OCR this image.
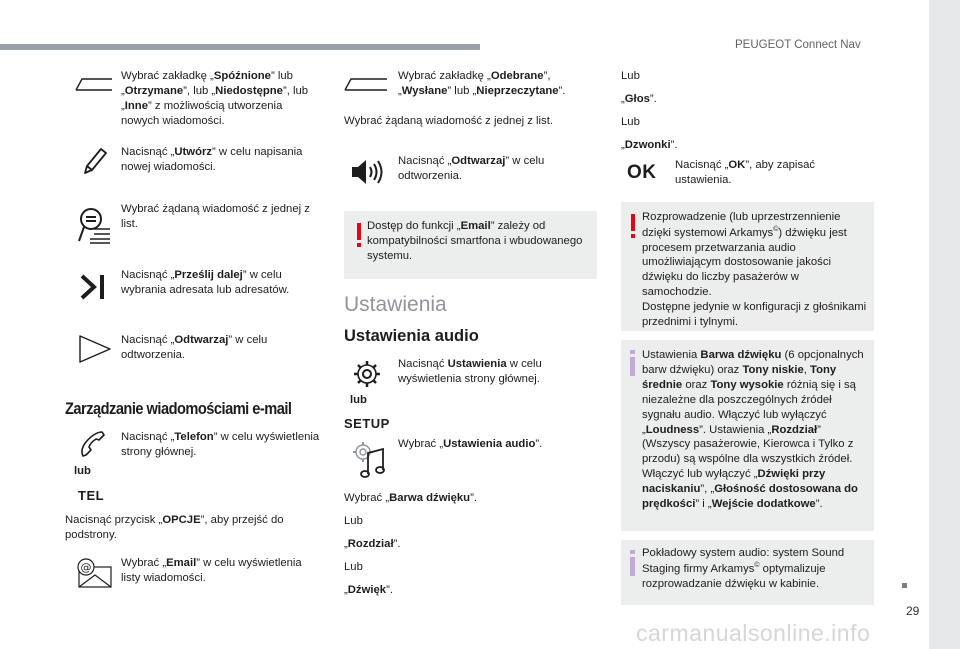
PEUGEOT Connect Nav
29
carmanualsonline.info
Wybrać zakładkę „Spóźnione” lub „Otrzymane”, lub „Niedostępne”, lub „Inne” z możliwością utworzenia nowych wiadomości.
Nacisnąć „Utwórz” w celu napisania nowej wiadomości.
Wybrać żądaną wiadomość z jednej z list.
Nacisnąć „Prześlij dalej” w celu wybrania adresata lub adresatów.
Nacisnąć „Odtwarzaj” w celu odtworzenia.
Zarządzanie wiadomościami e-mail
lub
TEL
Nacisnąć „Telefon” w celu wyświetlenia strony głównej.
Nacisnąć przycisk „OPCJE”, aby przejść do podstrony.
@	Wybrać „Email” w celu wyświetlenia listy wiadomości.
Wybrać zakładkę „Odebrane”, „Wysłane” lub „Nieprzeczytane”.
Wybrać żądaną wiadomość z jednej z list.
Nacisnąć „Odtwarzaj” w celu odtworzenia.
Dostęp do funkcji „Email” zależy od kompatybilności smartfona i wbudowanego systemu.
Ustawienia
Ustawienia audio
lub
SETUP
Nacisnąć Ustawienia w celu wyświetlenia strony głównej.
Wybrać „Ustawienia audio”.
Wybrać „Barwa dźwięku”.
Lub
„Rozdział”.
Lub
„Dźwięk”.
Lub
„Głos”.
Lub
„Dzwonki”.
OK Nacisnąć „OK”, aby zapisać ustawienia.
Rozprowadzenie (lub uprzestrzennienie dzięki systemowi Arkamys©) dźwięku jest procesem przetwarzania audio umożliwiającym dostosowanie jakości dźwięku do liczby pasażerów w samochodzie.
Dostępne jedynie w konfiguracji z głośnikami przednimi i tylnymi.
Ustawienia Barwa dźwięku (6 opcjonalnych barw dźwięku) oraz Tony niskie, Tony średnie oraz Tony wysokie różnią się i są niezależne dla poszczególnych źródeł sygnału audio. Włączyć lub wyłączyć „Loudness”. Ustawienia „Rozdział” (Wszyscy pasażerowie, Kierowca i Tylko z przodu) są wspólne dla wszystkich źródeł. Włączyć lub wyłączyć „Dźwięki przy naciskaniu”, „Głośność dostosowana do prędkości” i „Wejście dodatkowe”.
Pokładowy system audio: system Sound Staging firmy Arkamys© optymalizuje rozprowadzanie dźwięku w kabinie.
